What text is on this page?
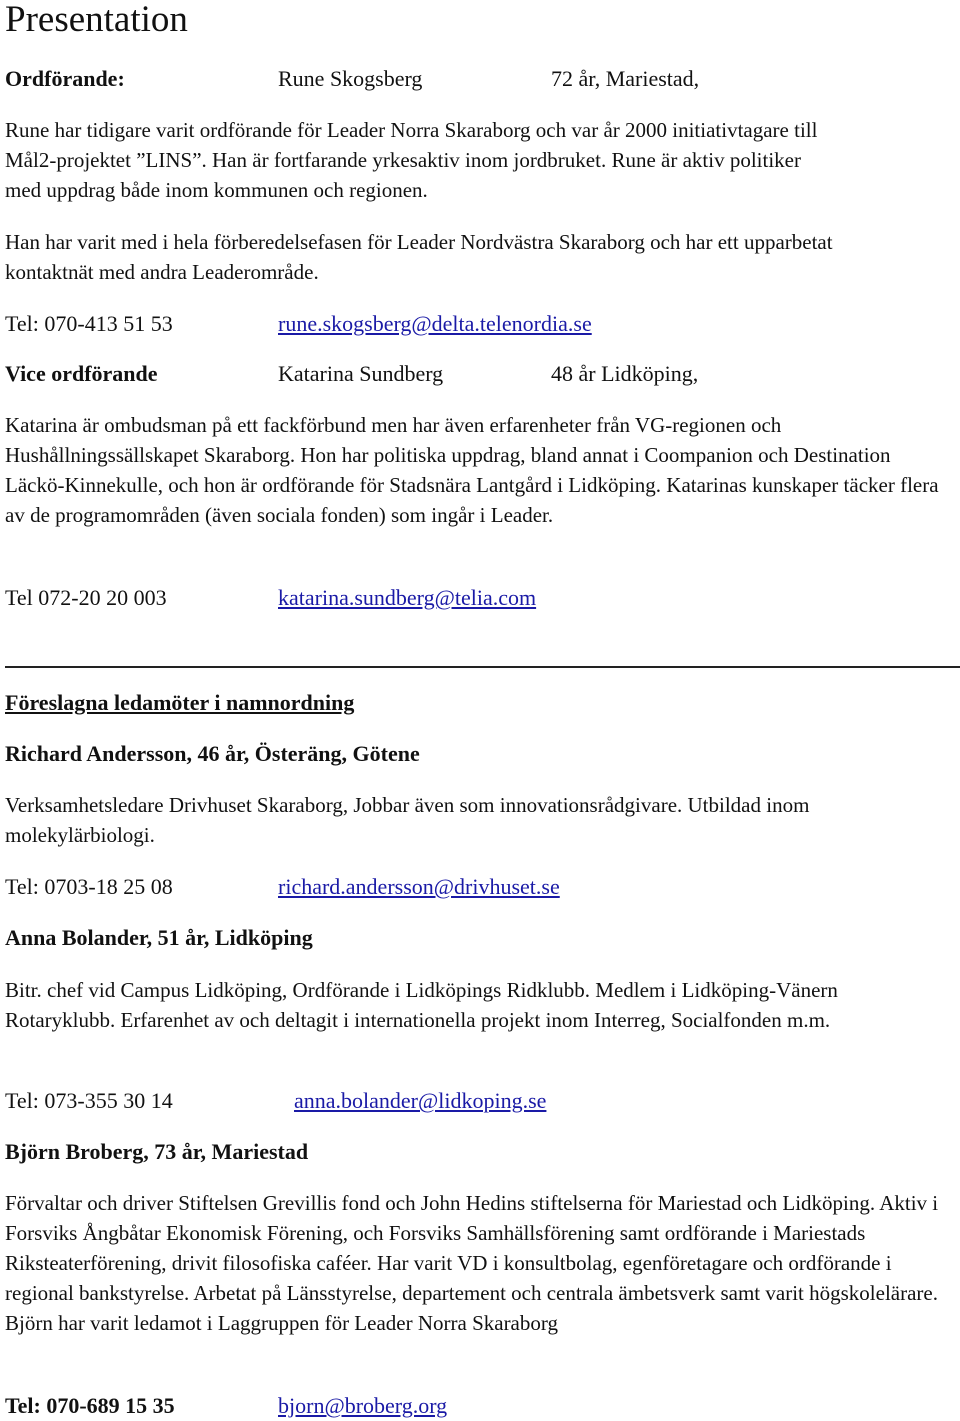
Presentation
Ordförande:	Rune Skogsberg	72 år, Mariestad,

Rune har tidigare varit ordförande för Leader Norra Skaraborg och var år 2000 initiativtagare till Mål2-projektet ”LINS”. Han är fortfarande yrkesaktiv inom jordbruket. Rune är aktiv politiker med uppdrag både inom kommunen och regionen.

Han har varit med i hela förberedelsefasen för Leader Nordvästra Skaraborg och har ett upparbetat kontaktnät med andra Leaderområde.

Tel: 070-413 51 53	rune.skogsberg@delta.telenordia.se
Vice ordförande	Katarina Sundberg	48 år Lidköping,

Katarina är ombudsman på ett fackförbund men har även erfarenheter från VG-regionen och Hushållningssällskapet Skaraborg. Hon har politiska uppdrag, bland annat i Coompanion och Destination Läckö-Kinnekulle, och hon är ordförande för Stadsnära Lantgård i Lidköping. Katarinas kunskaper täcker flera av de programområden (även sociala fonden) som ingår i Leader.

Tel 072-20 20 003	katarina.sundberg@telia.com
Föreslagna ledamöter i namnordning
Richard Andersson, 46 år, Österäng, Götene

Verksamhetsledare Drivhuset Skaraborg, Jobbar även som innovationsrådgivare. Utbildad inom molekylärbiologi.

Tel: 0703-18 25 08	richard.andersson@drivhuset.se
Anna Bolander, 51 år, Lidköping

Bitr. chef vid Campus Lidköping, Ordförande i Lidköpings Ridklubb. Medlem i Lidköping-Vänern Rotaryklubb. Erfarenhet av och deltagit i internationella projekt inom Interreg, Socialfonden m.m.

Tel: 073-355 30 14	anna.bolander@lidkoping.se
Björn Broberg, 73 år, Mariestad

Förvaltar och driver Stiftelsen Grevillis fond och John Hedins stiftelserna för Mariestad och Lidköping. Aktiv i Forsviks Ångbåtar Ekonomisk Förening, och Forsviks Samhällsförening samt ordförande i Mariestads Riksteaterförening, drivit filosofiska caféer. Har varit VD i konsultbolag, egenföretagare och ordförande i regional bankstyrelse. Arbetat på Länsstyrelse, departement och centrala ämbetsverk samt varit högskolelärare. Björn har varit ledamot i Laggruppen för Leader Norra Skaraborg

Tel: 070-689 15 35	bjorn@broberg.org
